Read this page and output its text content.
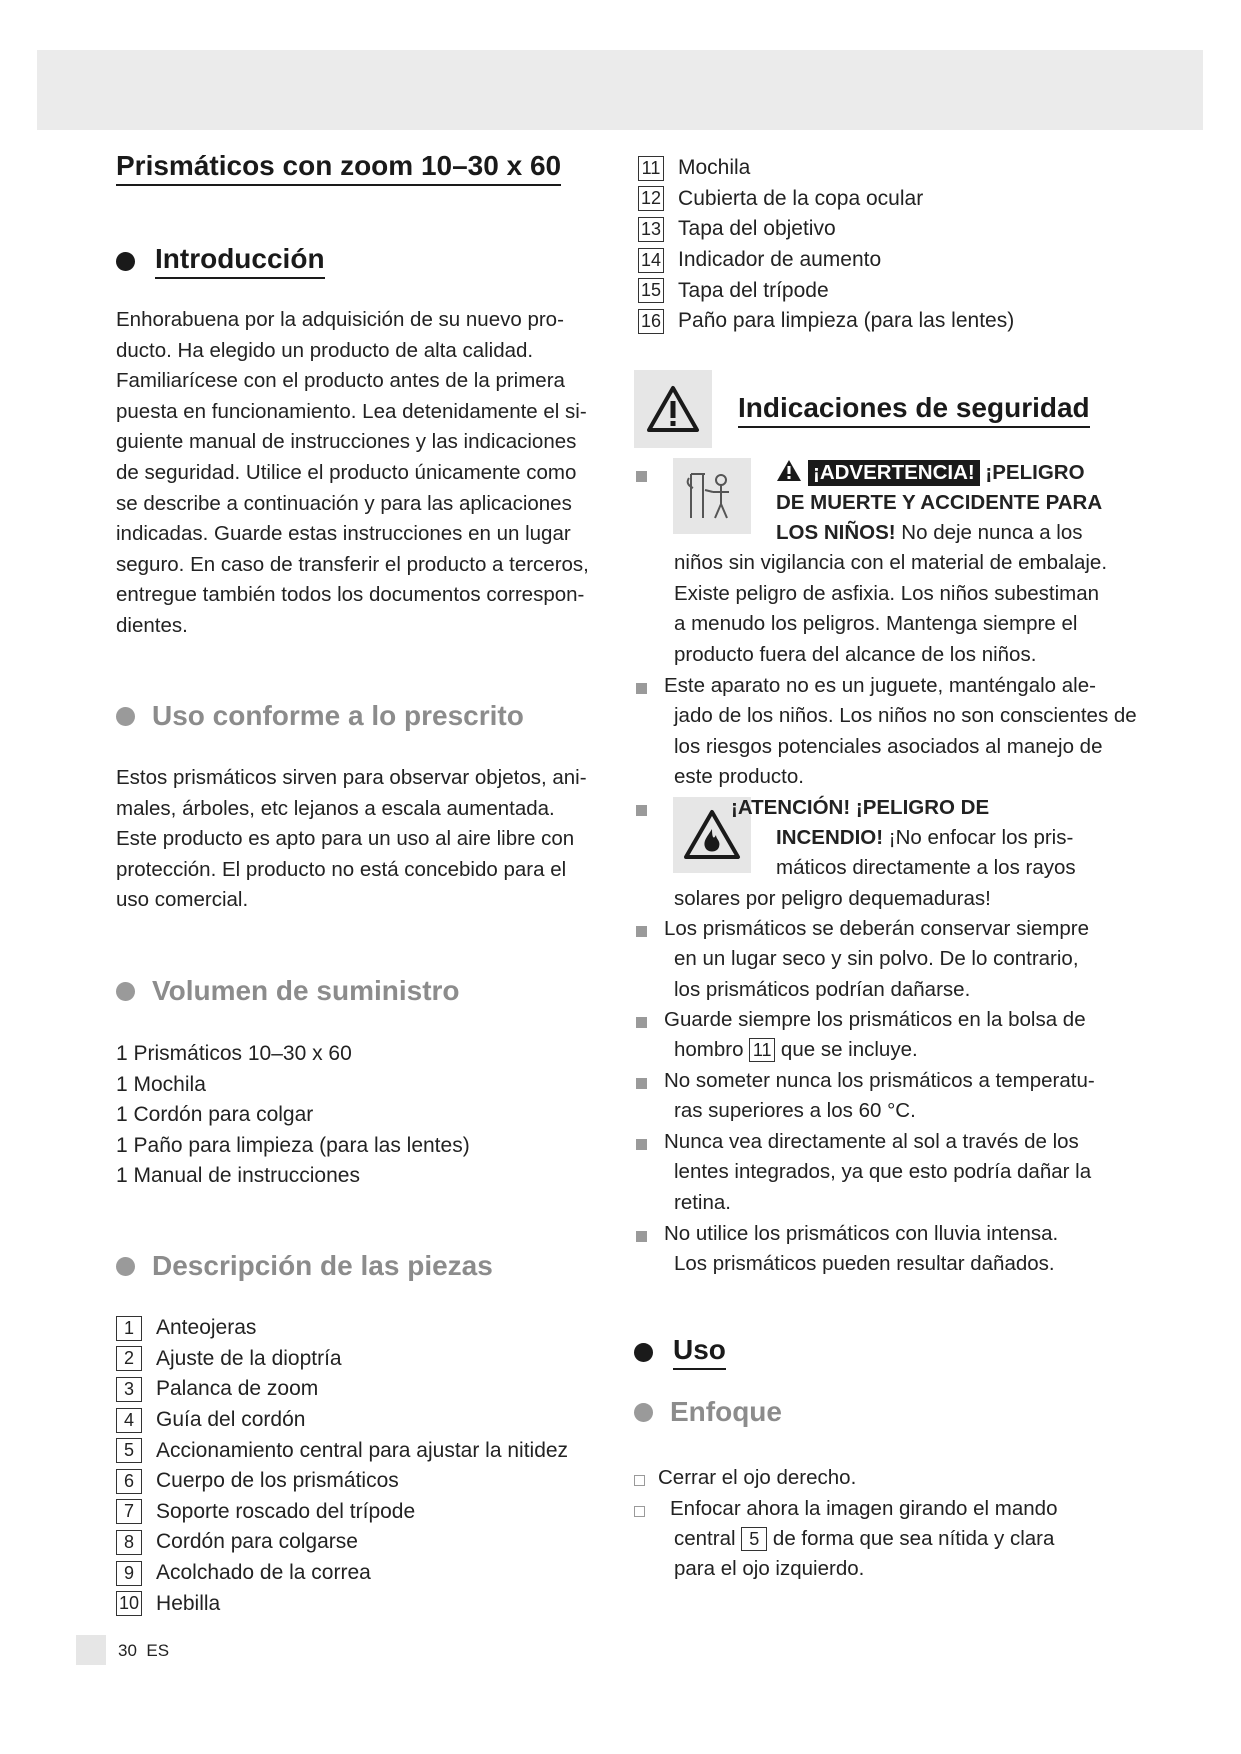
Prismáticos con zoom 10–30 x 60
Introducción
Enhorabuena por la adquisición de su nuevo pro-
ducto. Ha elegido un producto de alta calidad.
Familiarícese con el producto antes de la primera
puesta en funcionamiento. Lea detenidamente el si-
guiente manual de instrucciones y las indicaciones
de seguridad. Utilice el producto únicamente como
se describe a continuación y para las aplicaciones
indicadas. Guarde estas instrucciones en un lugar
seguro. En caso de transferir el producto a terceros,
entregue también todos los documentos correspon-
dientes.
Uso conforme a lo prescrito
Estos prismáticos sirven para observar objetos, ani-
males, árboles, etc lejanos a escala aumentada.
Este producto es apto para un uso al aire libre con
protección. El producto no está concebido para el
uso comercial.
Volumen de suministro
1 Prismáticos 10–30 x 60
1 Mochila
1 Cordón para colgar
1 Paño para limpieza (para las lentes)
1 Manual de instrucciones
Descripción de las piezas
1	Anteojeras
2	Ajuste de la dioptría
3	Palanca de zoom
4	Guía del cordón
5	Accionamiento central para ajustar la nitidez
6	Cuerpo de los prismáticos
7	Soporte roscado del trípode
8	Cordón para colgarse
9	Acolchado de la correa
10 Hebilla
11 Mochila
12 Cubierta de la copa ocular
13 Tapa del objetivo
14 Indicador de aumento
15 Tapa del trípode
16 Paño para limpieza (para las lentes)
Indicaciones de seguridad
¡ADVERTENCIA! ¡PELIGRO
DE MUERTE Y ACCIDENTE PARA
LOS NIÑOS! No deje nunca a los
niños sin vigilancia con el material de embalaje.
Existe peligro de asfixia. Los niños subestiman
a menudo los peligros. Mantenga siempre el
producto fuera del alcance de los niños.
Este aparato no es un juguete, manténgalo ale-
jado de los niños. Los niños no son conscientes de
los riesgos potenciales asociados al manejo de
este producto.
¡ATENCIÓN! ¡PELIGRO DE
INCENDIO! ¡No enfocar los pris-
máticos directamente a los rayos
solares por peligro dequemaduras!
Los prismáticos se deberán conservar siempre
en un lugar seco y sin polvo. De lo contrario,
los prismáticos podrían dañarse.
Guarde siempre los prismáticos en la bolsa de
hombro 11 que se incluye.
No someter nunca los prismáticos a temperatu-
ras superiores a los 60 °C.
Nunca vea directamente al sol a través de los
lentes integrados, ya que esto podría dañar la
retina.
No utilice los prismáticos con lluvia intensa.
Los prismáticos pueden resultar dañados.
Uso
Enfoque
Cerrar el ojo derecho.
Enfocar ahora la imagen girando el mando
central 5 de forma que sea nítida y clara
para el ojo izquierdo.
30 ES
